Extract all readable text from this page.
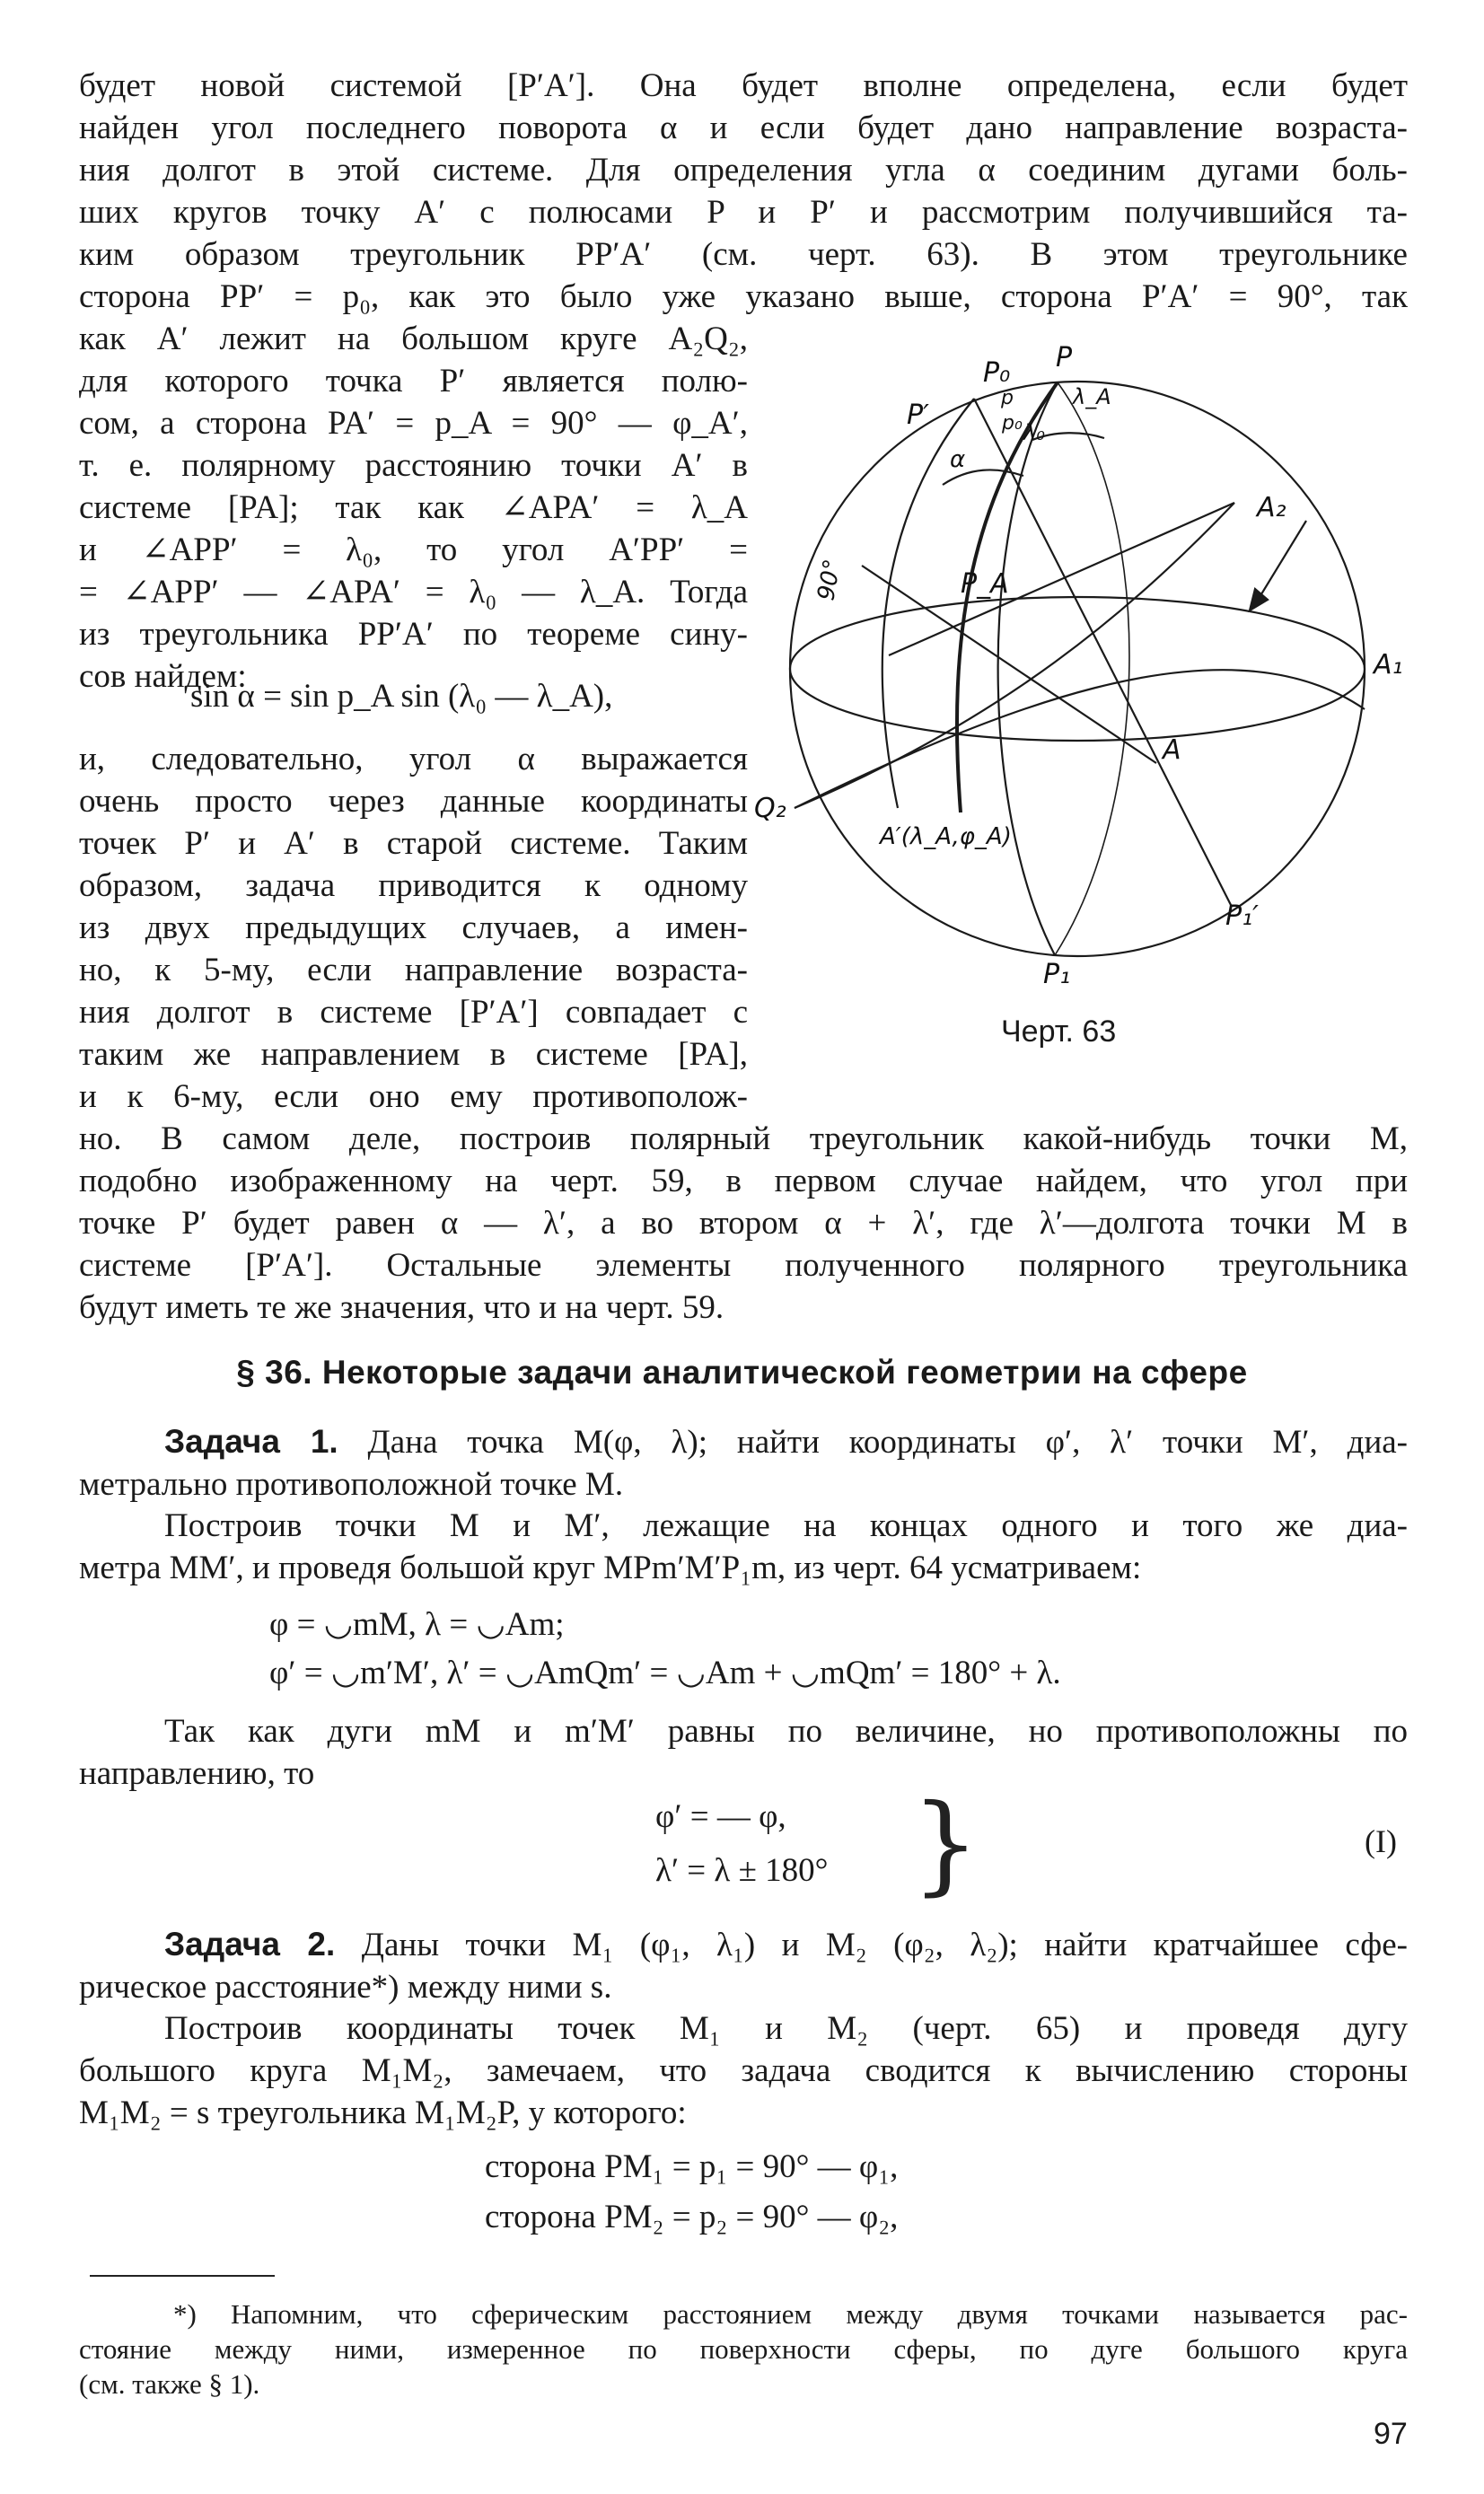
будет новой системой [P′A′]. Она будет вполне определена, если будет
найден угол последнего поворота α и если будет дано направление возраста-
ния долгот в этой системе. Для определения угла α соединим дугами боль-
ших кругов точку A′ с полюсами P и P′ и рассмотрим получившийся та-
ким образом треугольник PP′A′ (см. черт. 63). В этом треугольнике
сторона PP′ = p₀, как это было уже указано выше, сторона P′A′ = 90°, так
как A′ лежит на большом круге A₂Q₂,
для которого точка P′ является полю-
сом, а сторона PA′ = p_A = 90° — φ_A′,
т. е. полярному расстоянию точки A′ в
системе [PA]; так как ∠APA′ = λ_A
и ∠APP′ = λ₀, то угол A′PP′ =
= ∠APP′ — ∠APA′ = λ₀ — λ_A. Тогда
из треугольника PP′A′ по теореме сину-
сов найдем:
sin α = sin p_A sin (λ₀ — λ_A),
и, следовательно, угол α выражается
очень просто через данные координаты
точек P′ и A′ в старой системе. Таким
образом, задача приводится к одному
из двух предыдущих случаев, а имен-
но, к 5-му, если направление возраста-
ния долгот в системе [P′A′] совпадает с
таким же направлением в системе [PA],
и к 6-му, если оно ему противополож-
P
P₀
P′
λ_A
λ₀
p
p₀
α
A₂
A₁
P_A
90°
A
Q₂
A′(λ_A,φ_A)
P₁′
P₁
Черт. 63
но. В самом деле, построив полярный треугольник какой-нибудь точки M,
подобно изображенному на черт. 59, в первом случае найдем, что угол при
точке P′ будет равен α — λ′, а во втором α + λ′, где λ′—долгота точки M в
системе [P′A′]. Остальные элементы полученного полярного треугольника
будут иметь те же значения, что и на черт. 59.
§ 36. Некоторые задачи аналитической геометрии на сфере
Задача 1. Дана точка M(φ, λ); найти координаты φ′, λ′ точки M′, диа-
метрально противоположной точке M.
Построив точки M и M′, лежащие на концах одного и того же диа-
метра MM′, и проведя большой круг MPm′M′P₁m, из черт. 64 усматриваем:
φ = ◡mM, λ = ◡Am;
φ′ = ◡m′M′, λ′ = ◡AmQm′ = ◡Am + ◡mQm′ = 180° + λ.
Так как дуги mM и m′M′ равны по величине, но противоположны по
направлению, то
φ′ = — φ,
λ′ = λ ± 180° }	(I)
Задача 2. Даны точки M₁ (φ₁, λ₁) и M₂ (φ₂, λ₂); найти кратчайшее сфе-
рическое расстояние*) между ними s.
Построив координаты точек M₁ и M₂ (черт. 65) и проведя дугу
большого круга M₁M₂, замечаем, что задача сводится к вычислению стороны
M₁M₂ = s треугольника M₁M₂P, у которого:
сторона PM₁ = p₁ = 90° — φ₁,
сторона PM₂ = p₂ = 90° — φ₂,
*) Напомним, что сферическим расстоянием между двумя точками называется рас-
стояние между ними, измеренное по поверхности сферы, по дуге большого круга
(см. также § 1).
97
